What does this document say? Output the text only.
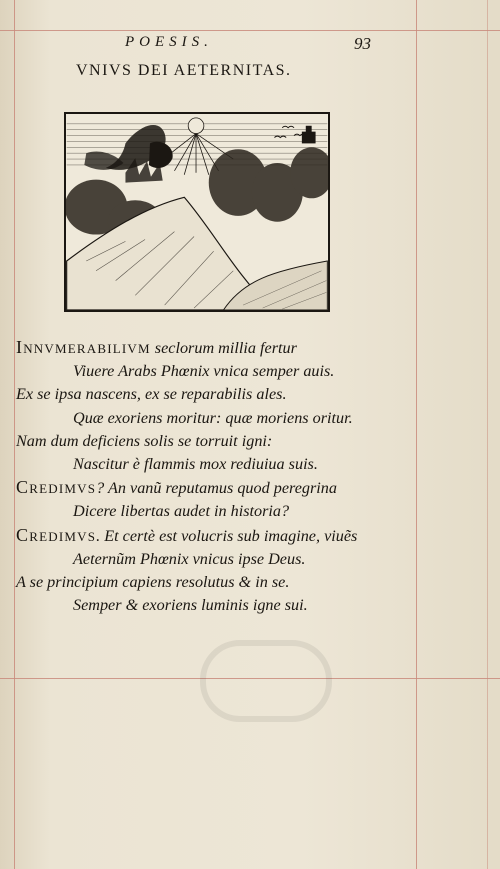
POESIS.	93
VNIVS DEI AETERNITAS.
INNVMERABILIVM seclorum millia fertur
Viuere Arabs Phœnix vnica semper auis.
Ex se ipsa nascens, ex se reparabilis ales.
Quæ exoriens moritur: quæ moriens oritur.
Nam dum deficiens solis se torruit igni:
Nascitur è flammis mox rediuiua suis.
CREDIMVS? An vanũ reputamus quod peregrina
Dicere libertas audet in historia?
CREDIMVS. Et certè est volucris sub imagine, viuẽs
Aeternũm Phœnix vnicus ipse Deus.
A se principium capiens resolutus & in se.
Semper & exoriens luminis igne sui.
